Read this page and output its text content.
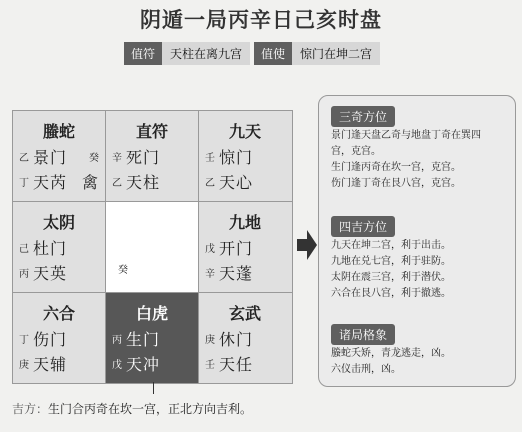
阴遁一局丙辛日己亥时盘
值符	天柱在离九宫	值使	惊门在坤二宫
螣蛇
乙 景门 癸
丁 天芮 禽
直符
辛 死门
乙 天柱
九天
壬 惊门
乙 天心
太阴
己 杜门
丙 天英	癸
九地
戊 开门
辛 天蓬
六合
丁 伤门
庚 天辅
白虎
丙 生门
戊 天冲
玄武
庚 休门
壬 天任
三奇方位
景门逢天盘乙奇与地盘丁奇在巽四
宫，克宫。
生门逢丙奇在坎一宫，克宫。
伤门逢丁奇在艮八宫，克宫。
四吉方位
九天在坤二宫，利于出击。
九地在兑七宫，利于驻防。
太阴在震三宫，利于潜伏。
六合在艮八宫，利于撤逃。
诸局格象
螣蛇夭矫，青龙逃走，凶。
六仪击刑，凶。
吉方：生门合丙奇在坎一宫，正北方向吉利。
